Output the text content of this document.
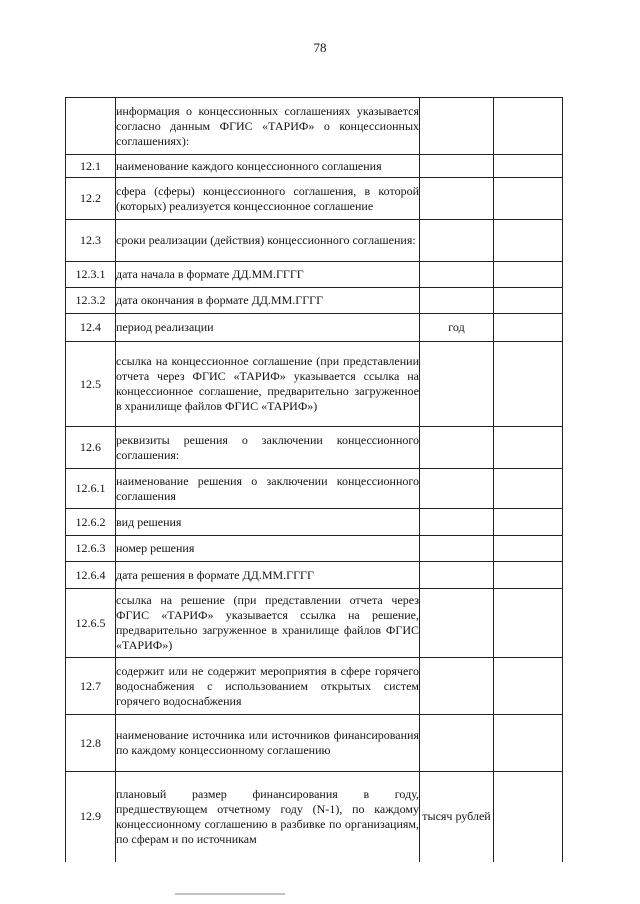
78
	информация о концессионных соглашениях указывается согласно данным ФГИС «ТАРИФ» о концессионных соглашениях):		
12.1	наименование каждого концессионного соглашения		
12.2	сфера (сферы) концессионного соглашения, в которой (которых) реализуется концессионное соглашение		
12.3	сроки реализации (действия) концессионного соглашения:		
12.3.1	дата начала в формате ДД.ММ.ГГГГ		
12.3.2	дата окончания в формате ДД.ММ.ГГГГ		
12.4	период реализации	год	
12.5	ссылка на концессионное соглашение (при представлении отчета через ФГИС «ТАРИФ» указывается ссылка на концессионное соглашение, предварительно загруженное в хранилище файлов ФГИС «ТАРИФ»)		
12.6	реквизиты решения о заключении концессионного соглашения:		
12.6.1	наименование решения о заключении концессионного соглашения		
12.6.2	вид решения		
12.6.3	номер решения		
12.6.4	дата решения в формате ДД.ММ.ГГГГ		
12.6.5	ссылка на решение (при представлении отчета через ФГИС «ТАРИФ» указывается ссылка на решение, предварительно загруженное в хранилище файлов ФГИС «ТАРИФ»)		
12.7	содержит или не содержит мероприятия в сфере горячего водоснабжения с использованием открытых систем горячего водоснабжения		
12.8	наименование источника или источников финансирования по каждому концессионному соглашению		
12.9	плановый размер финансирования в году, предшествующем отчетному году (N-1), по каждому концессионному соглашению в разбивке по организациям, по сферам и по источникам	тысяч рублей	
